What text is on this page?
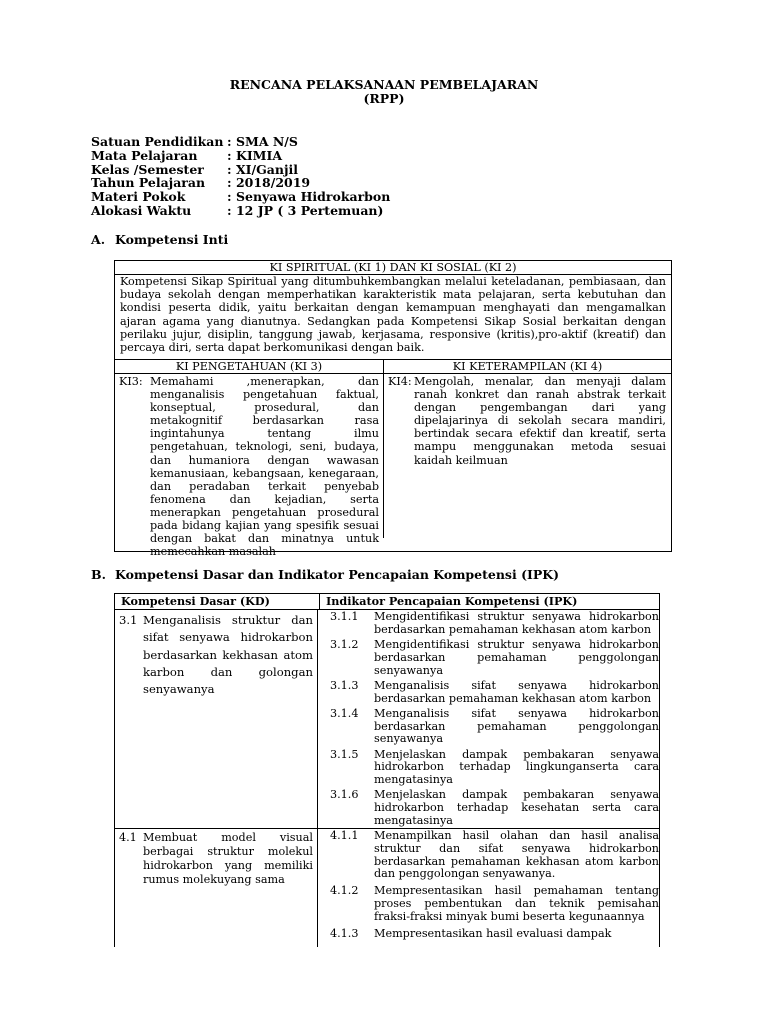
RENCANA PELAKSANAAN PEMBELAJARAN
(RPP)
Satuan Pendidikan : SMA N/S
Mata Pelajaran	: KIMIA
Kelas /Semester	: XI/Ganjil
Tahun Pelajaran	: 2018/2019
Materi Pokok	: Senyawa Hidrokarbon
Alokasi Waktu	: 12 JP ( 3 Pertemuan)
A. Kompetensi Inti
KI SPIRITUAL (KI 1) DAN KI SOSIAL (KI 2)
Kompetensi Sikap Spiritual yang ditumbuhkembangkan melalui keteladanan, pembiasaan, dan budaya sekolah dengan memperhatikan karakteristik mata pelajaran, serta kebutuhan dan kondisi peserta didik, yaitu berkaitan dengan kemampuan menghayati dan mengamalkan ajaran agama yang dianutnya. Sedangkan pada Kompetensi Sikap Sosial berkaitan dengan perilaku jujur, disiplin, tanggung jawab, kerjasama, responsive (kritis),pro-aktif (kreatif) dan percaya diri, serta dapat berkomunikasi dengan baik.
KI PENGETAHUAN (KI 3)
KI3: Memahami ,menerapkan, dan menganalisis pengetahuan faktual, konseptual, prosedural, dan metakognitif berdasarkan rasa ingintahunya tentang ilmu pengetahuan, teknologi, seni, budaya, dan humaniora dengan wawasan kemanusiaan, kebangsaan, kenegaraan, dan peradaban terkait penyebab fenomena dan kejadian, serta menerapkan pengetahuan prosedural pada bidang kajian yang spesifik sesuai dengan bakat dan minatnya untuk memecahkan masalah
KI KETERAMPILAN (KI 4)
KI4: Mengolah, menalar, dan menyaji dalam ranah konkret dan ranah abstrak terkait dengan pengembangan dari yang dipelajarinya di sekolah secara mandiri, bertindak secara efektif dan kreatif, serta mampu menggunakan metoda sesuai kaidah keilmuan
B. Kompetensi Dasar dan Indikator Pencapaian Kompetensi (IPK)
Kompetensi Dasar (KD)	Indikator Pencapaian Kompetensi (IPK)
3.1 Menganalisis struktur dan sifat senyawa hidrokarbon berdasarkan kekhasan atom karbon dan golongan senyawanya
3.1.1	Mengidentifikasi struktur senyawa hidrokarbon berdasarkan pemahaman kekhasan atom karbon
3.1.2	Mengidentifikasi struktur senyawa hidrokarbon berdasarkan pemahaman penggolongan senyawanya
3.1.3	Menganalisis sifat senyawa hidrokarbon berdasarkan pemahaman kekhasan atom karbon
3.1.4	Menganalisis sifat senyawa hidrokarbon berdasarkan pemahaman penggolongan senyawanya
3.1.5	Menjelaskan dampak pembakaran senyawa hidrokarbon terhadap lingkunganserta cara mengatasinya
3.1.6	Menjelaskan dampak pembakaran senyawa hidrokarbon terhadap kesehatan serta cara mengatasinya
4.1 Membuat model visual berbagai struktur molekul hidrokarbon yang memiliki rumus molekuyang sama
4.1.1	Menampilkan hasil olahan dan hasil analisa struktur dan sifat senyawa hidrokarbon berdasarkan pemahaman kekhasan atom karbon dan penggolongan senyawanya.
4.1.2	Mempresentasikan hasil pemahaman tentang proses pembentukan dan teknik pemisahan fraksi-fraksi minyak bumi beserta kegunaannya
4.1.3	Mempresentasikan hasil evaluasi dampak
